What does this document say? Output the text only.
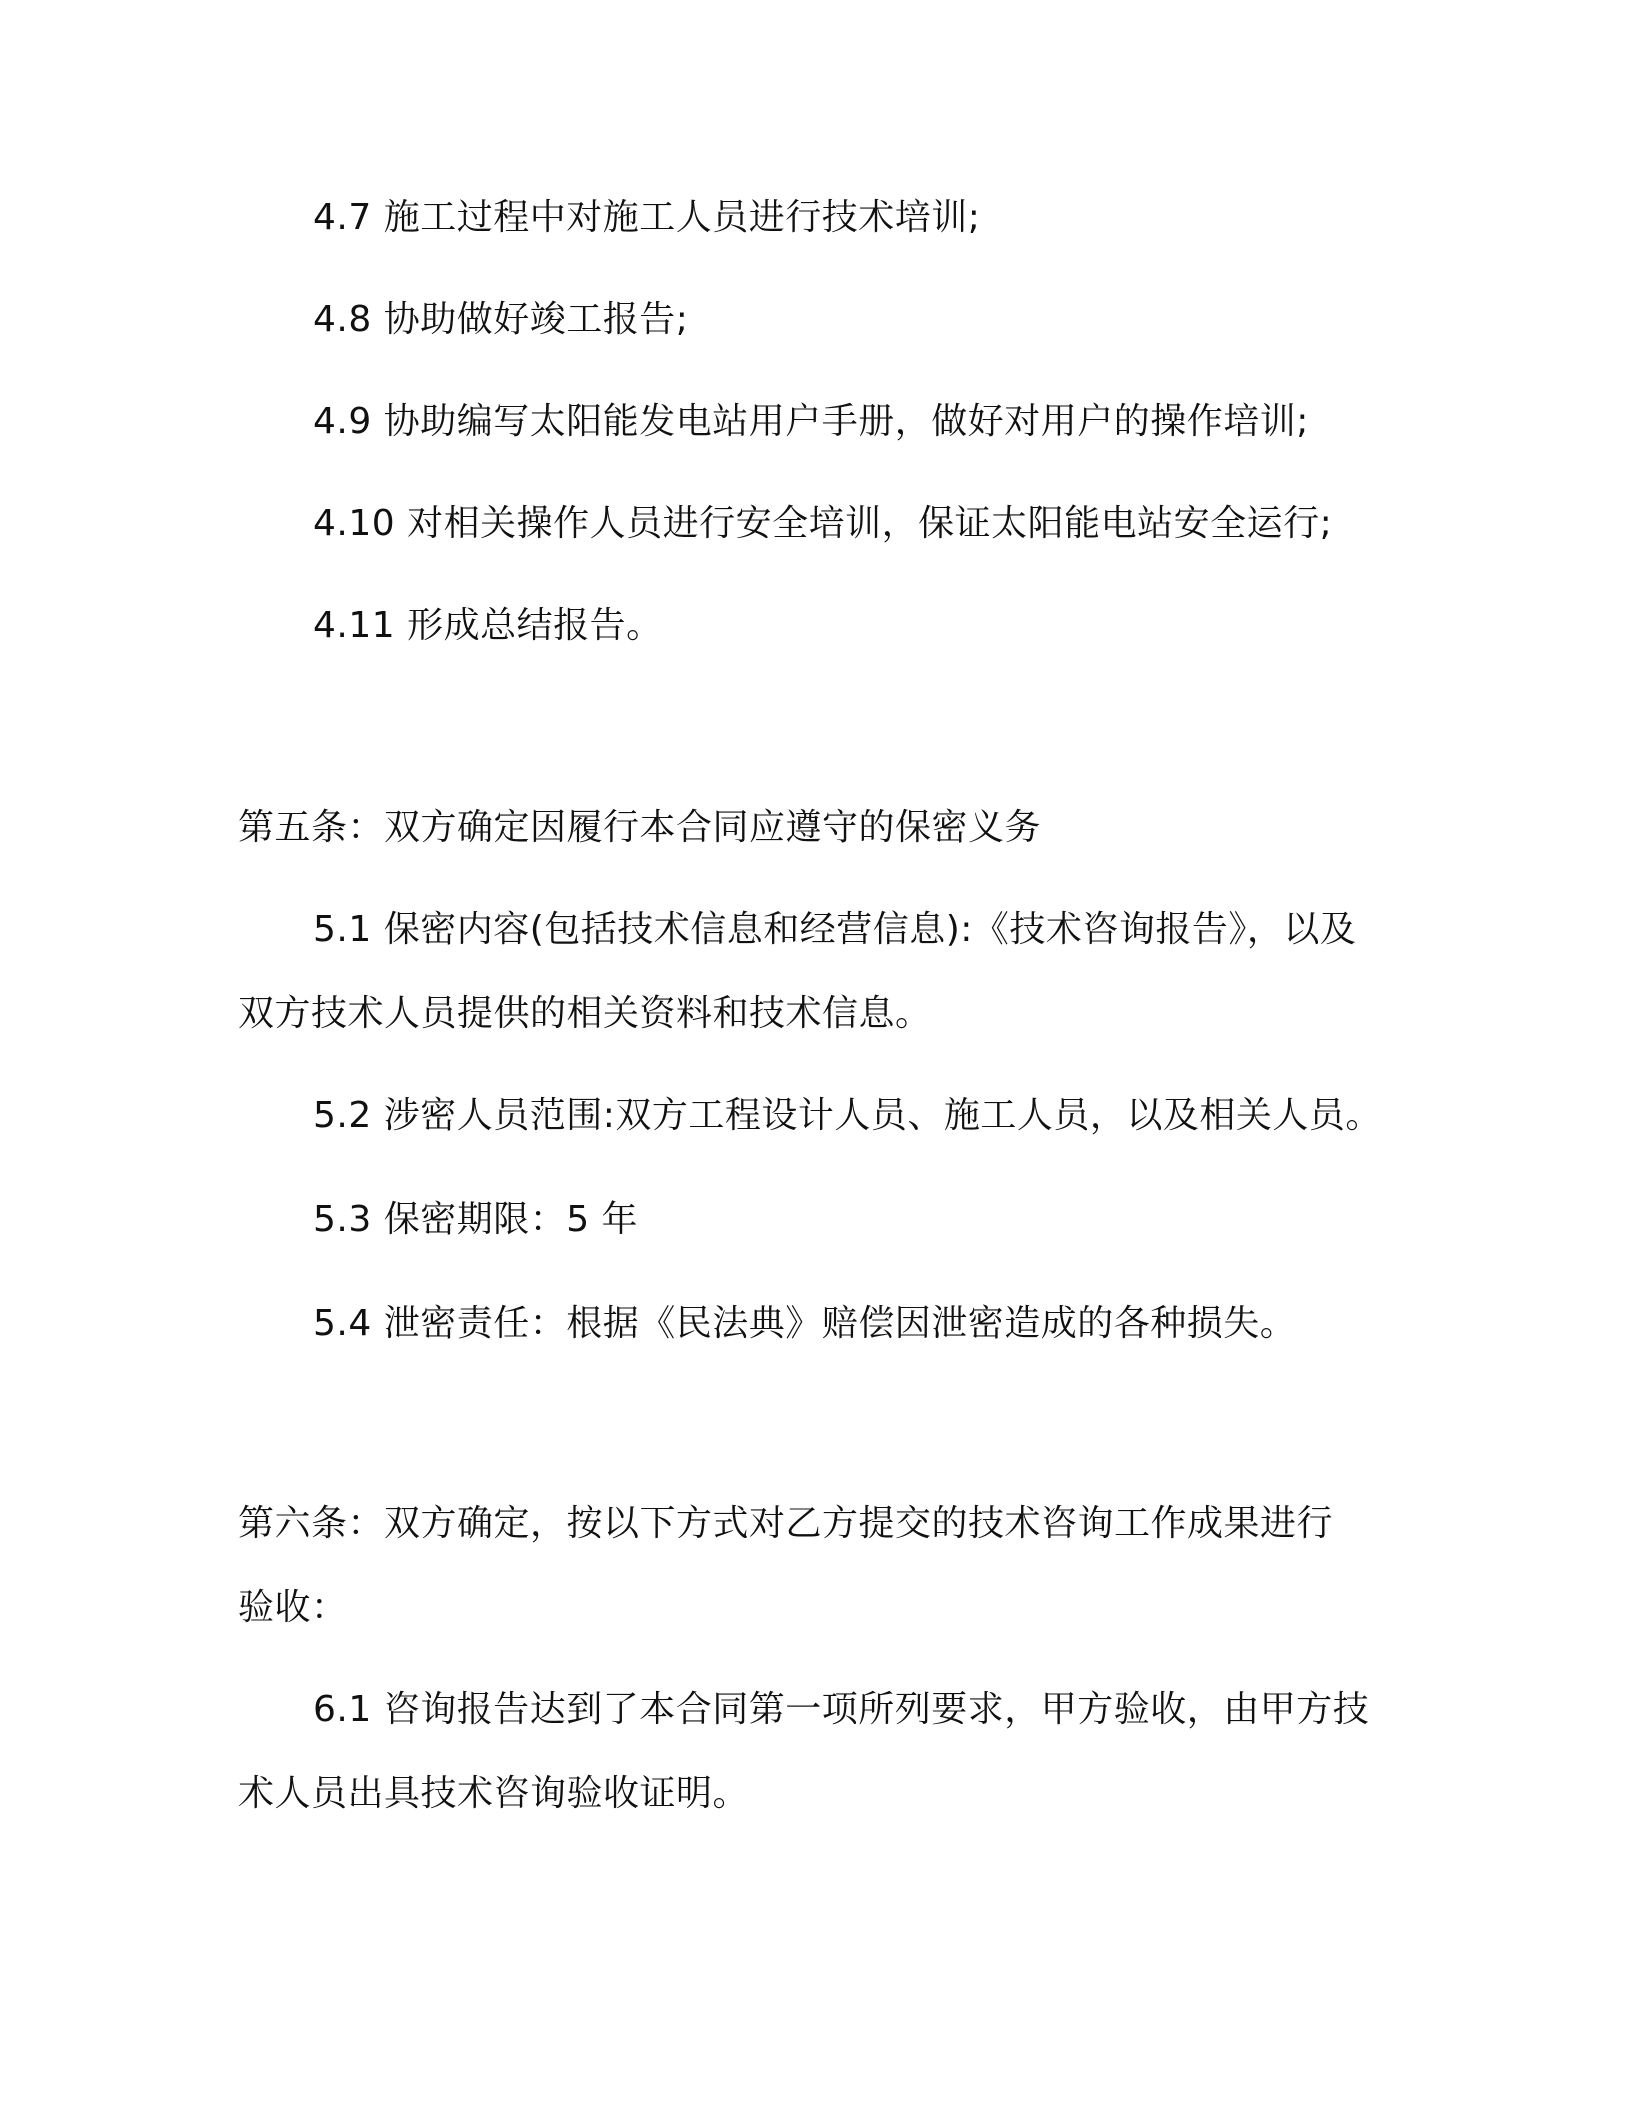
4.7 施工过程中对施工人员进行技术培训;
4.8 协助做好竣工报告;
4.9 协助编写太阳能发电站用户手册，做好对用户的操作培训;
4.10 对相关操作人员进行安全培训，保证太阳能电站安全运行;
4.11 形成总结报告。
第五条：双方确定因履行本合同应遵守的保密义务
5.1 保密内容(包括技术信息和经营信息):《技术咨询报告》，以及
双方技术人员提供的相关资料和技术信息。
5.2 涉密人员范围:双方工程设计人员、施工人员，以及相关人员。
5.3 保密期限：5 年
5.4 泄密责任：根据《民法典》赔偿因泄密造成的各种损失。
第六条：双方确定，按以下方式对乙方提交的技术咨询工作成果进行
验收：
6.1 咨询报告达到了本合同第一项所列要求，甲方验收，由甲方技
术人员出具技术咨询验收证明。
